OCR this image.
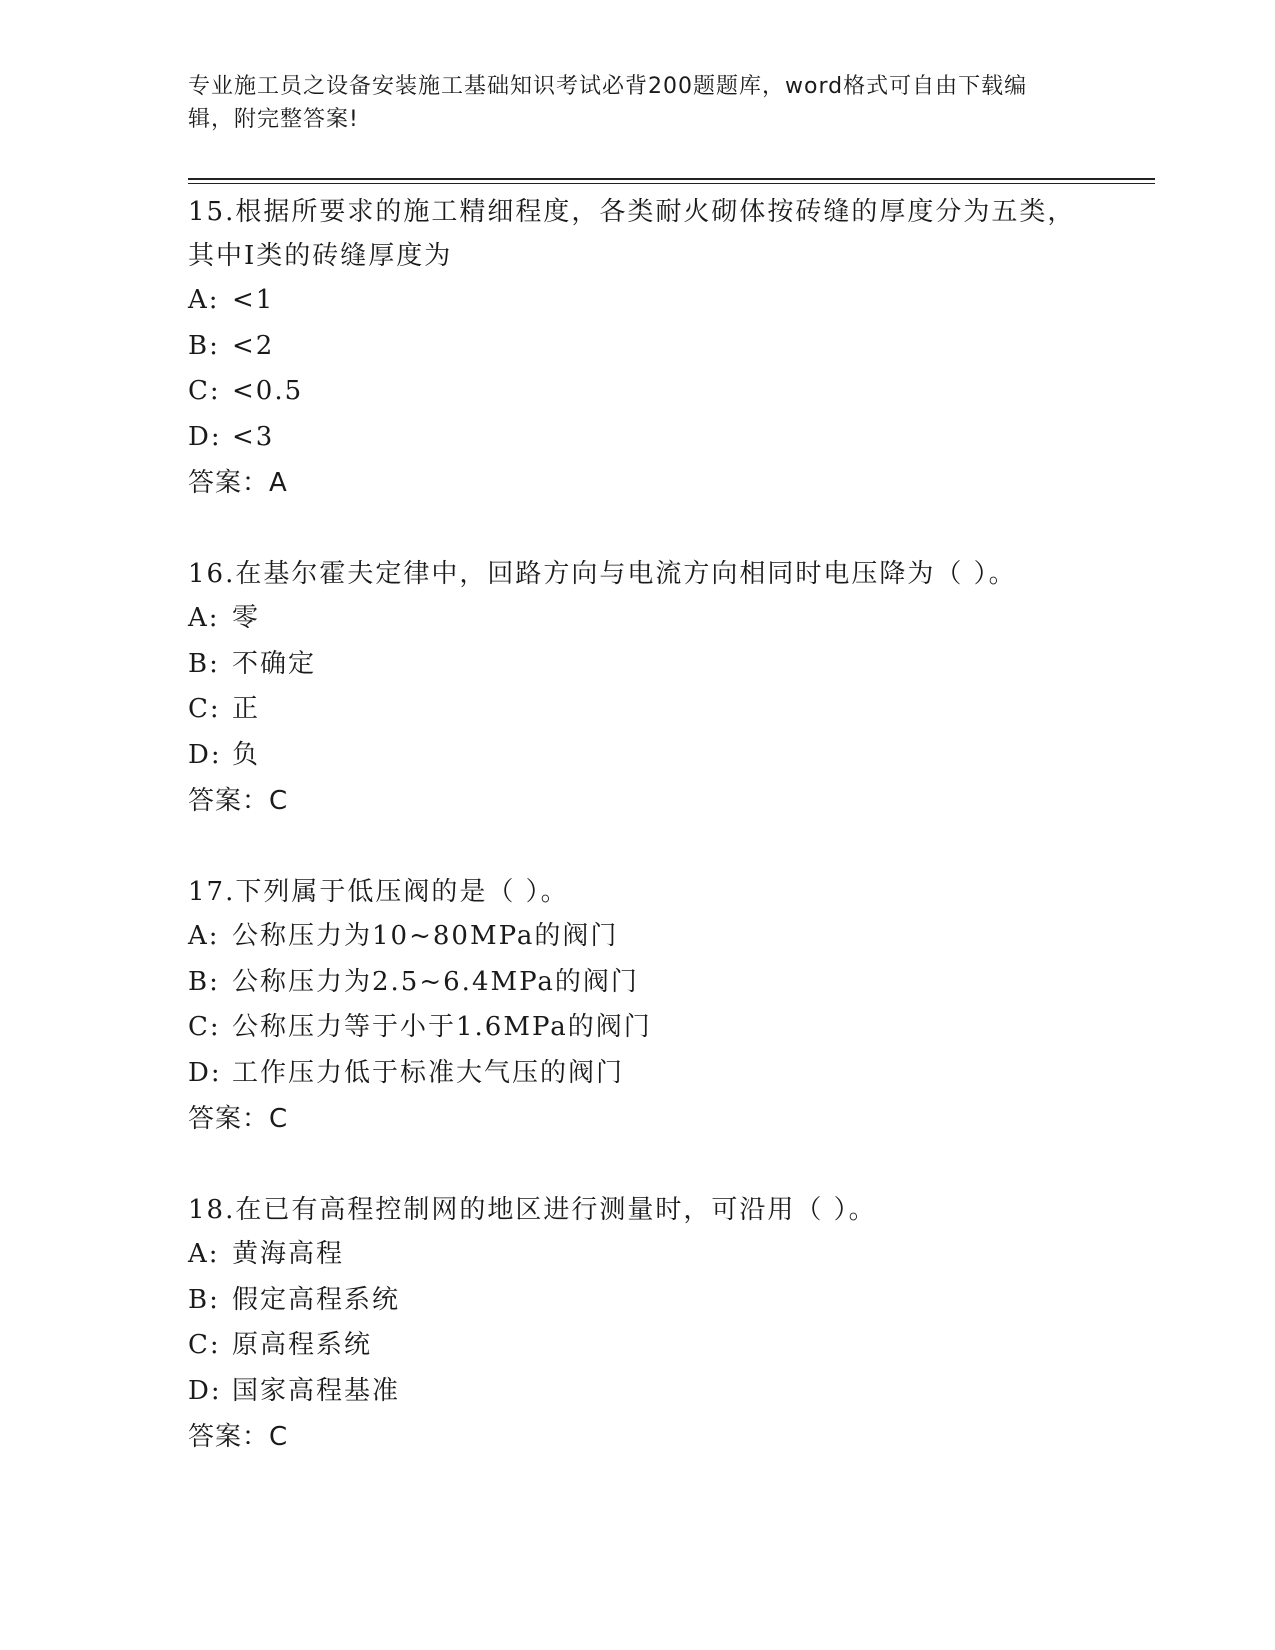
专业施工员之设备安装施工基础知识考试必背200题题库，word格式可自由下载编辑，附完整答案!

15.根据所要求的施工精细程度，各类耐火砌体按砖缝的厚度分为五类，其中I类的砖缝厚度为

A: <1
B: <2
C: <0.5
D: <3
答案：A

16.在基尔霍夫定律中，回路方向与电流方向相同时电压降为（ ）。

A: 零
B: 不确定
C: 正
D: 负
答案：C

17.下列属于低压阀的是（ ）。

A: 公称压力为10~80MPa的阀门
B: 公称压力为2.5~6.4MPa的阀门
C: 公称压力等于小于1.6MPa的阀门
D: 工作压力低于标准大气压的阀门
答案：C

18.在已有高程控制网的地区进行测量时，可沿用（ ）。

A: 黄海高程
B: 假定高程系统
C: 原高程系统
D: 国家高程基准
答案：C
